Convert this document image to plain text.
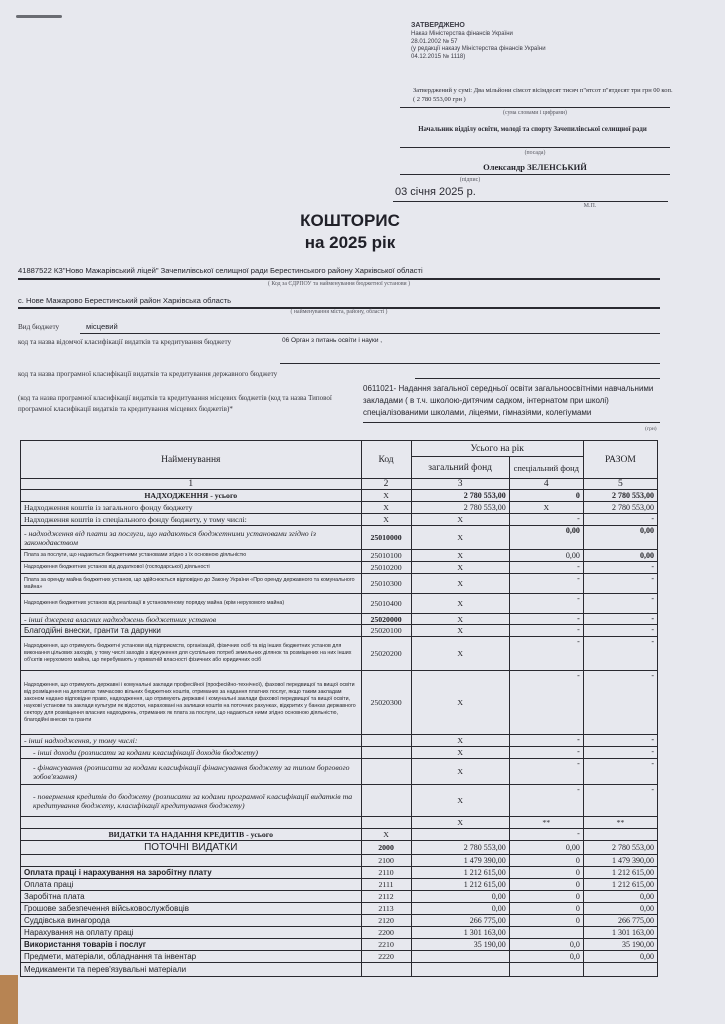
ЗАТВЕРДЖЕНО
Наказ Міністерства фінансів України
28.01.2002 № 57
(у редакції наказу Міністерства фінансів України
04.12.2015 № 1118)
Затверджений у сумі: Два мільйони сімсот вісімдесят тисяч п"ятсот п"ятдесят три грн 00 коп. ( 2 780 553,00 грн )
(сума словами і цифрами)
Начальник відділу освіти, молоді та спорту Зачепилівської селищної ради
(посада)
Олександр ЗЕЛЕНСЬКИЙ
(підпис)
03 січня 2025 р.
М.П.
КОШТОРИС
на 2025 рік
41887522 КЗ"Ново Мажарівський ліцей" Зачепилівської селищної ради Берестинського району Харківської області
( Код за ЄДРПОУ та найменування бюджетної установи )
с. Нове Мажарово Берестинський район Харківська область
( найменування міста, району, області )
Вид бюджету	місцевий
код та назва відомчої класифікації видатків та кредитування бюджету	06 Орган з питань освіти і науки ,
код та назва програмної класифікації видатків та кредитування державного бюджету
(код та назва програмної класифікації видатків та кредитування місцевих бюджетів (код та назва Типової програмної класифікації видатків та кредитування місцевих бюджетів)*
0611021- Надання загальної середньої освіти загальноосвітніми навчальними закладами ( в т.ч. школою-дитячим садком, інтернатом при школі) спеціалізованими школами, ліцеями, гімназіями, колегіумами
(грн)
Найменування	Код	Усього на рік		РАЗОМ
		загальний фонд	спеціальний фонд	
1	2	3	4	5
НАДХОДЖЕННЯ - усього	X	2 780 553,00	0	2 780 553,00
Надходження коштів із загального фонду бюджету	X	2 780 553,00	X	2 780 553,00
Надходження коштів із спеціального фонду бюджету, у тому числі:	X	X	-	-
- надходження від плати за послуги, що надаються бюджетними установами згідно із законодавством	25010000	X	0,00	0,00
Плата за послуги, що надаються бюджетними установами згідно з їх основною діяльністю	25010100	X	0,00	0,00
Надходження бюджетних установ від додаткової (господарської) діяльності	25010200	X	-	-
Плата за оренду майна бюджетних установ, що здійснюється відповідно до Закону України «Про оренду державного та комунального майна»	25010300	X	-	-
Надходження бюджетних установ від реалізації в установленому порядку майна (крім нерухомого майна)	25010400	X	-	-
- інші джерела власних надходжень бюджетних установ	25020000	X	-	-
Благодійні внески, гранти та дарунки	25020100	X	-	-
Надходження, що отримують бюджетні установи від підприємств, організацій, фізичних осіб та від інших бюджетних установ для виконання цільових заходів, у тому числі заходів з відчуження для суспільних потреб земельних ділянок та розміщених на них інших об'єктів нерухомого майна, що перебувають у приватній власності фізичних або юридичних осіб	25020200	X	-	-
Надходження, що отримують державні і комунальні заклади професійної (професійно-технічної), фахової передвищої та вищої освіти від розміщення на депозитах тимчасово вільних бюджетних коштів, отриманих за надання платних послуг, якщо таким закладам законом надано відповідне право, надходження, що отримують державні і комунальні заклади фахової передвищої та вищої освіти, наукові установи та заклади культури як відсотки, нараховані на залишки коштів на поточних рахунках, відкритих у банках державного сектору для розміщення власних надходжень, отриманих як плата за послуги, що надаються ними згідно основною діяльністю, благодійні внески та гранти	25020300	X	-	-
- інші надходження, у тому числі:		X	-	-
- інші доходи (розписати за кодами класифікації доходів бюджету)		X	-	-
- фінансування (розписати за кодами класифікації фінансування бюджету за типом боргового зобов'язання)		X	-	-
- повернення кредитів до бюджету (розписати за кодами програмної класифікації видатків та кредитування бюджету, класифікації кредитування бюджету)		X	-	-
		X	**	**
ВИДАТКИ ТА НАДАННЯ КРЕДИТІВ - усього	X		-	
ПОТОЧНІ ВИДАТКИ	2000	2 780 553,00	0,00	2 780 553,00
	2100	1 479 390,00	0	1 479 390,00
Оплата праці і нарахування на заробітну плату	2110	1 212 615,00	0	1 212 615,00
Оплата праці	2111	1 212 615,00	0	1 212 615,00
Заробітна плата	2112	0,00	0	0,00
Грошове забезпечення військовослужбовців	2113	0,00	0	0,00
Суддівська винагорода	2120	266 775,00	0	266 775,00
Нарахування на оплату праці	2200	1 301 163,00		1 301 163,00
Використання товарів і послуг	2210	35 190,00	0,0	35 190,00
Предмети, матеріали, обладнання та інвентар	2220		0,0	0,00
Медикаменти та перев'язувальні матеріали				
